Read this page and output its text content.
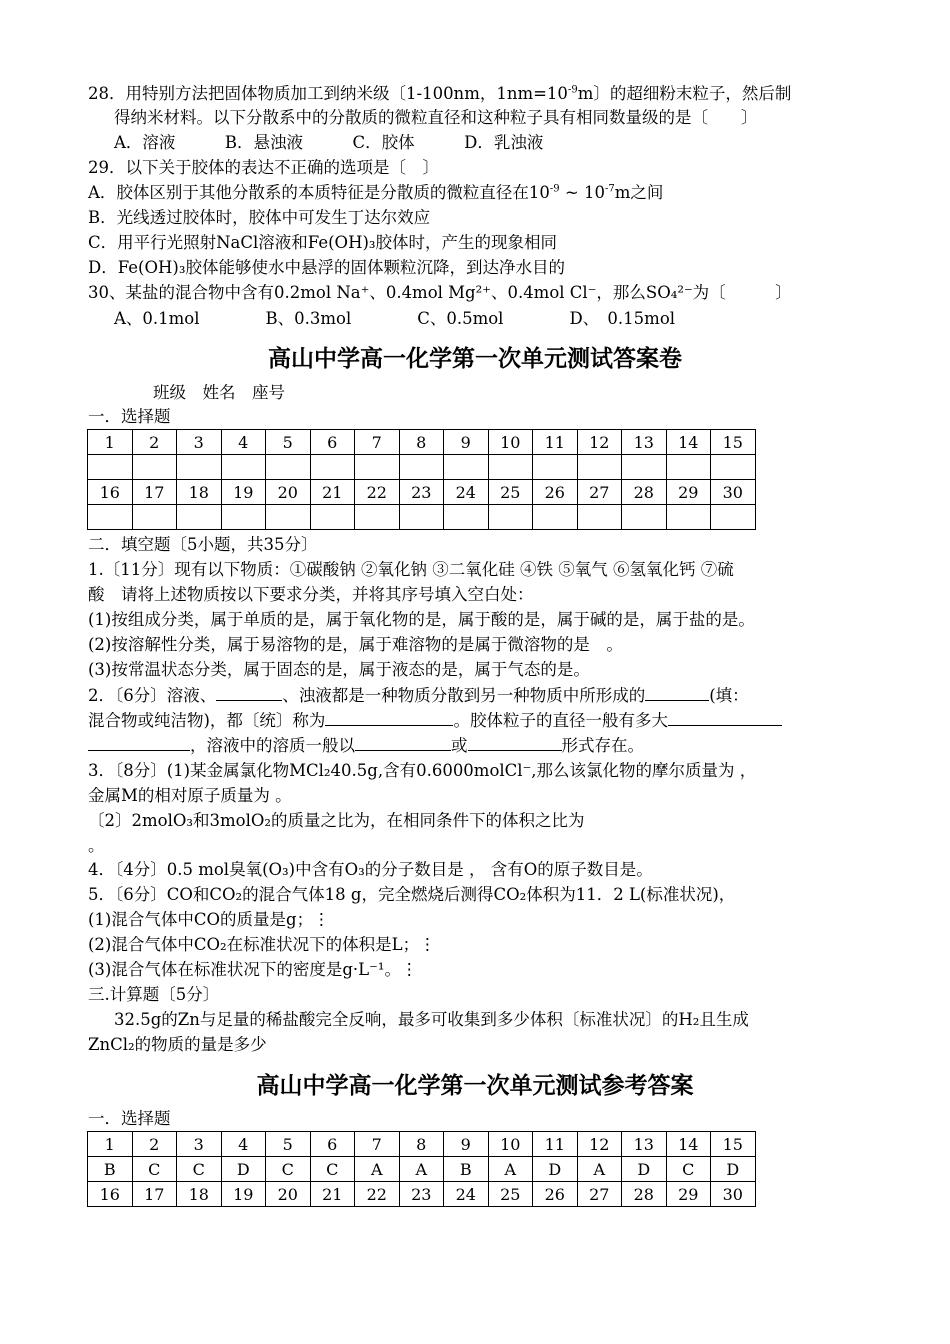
28．用特别方法把固体物质加工到纳米级〔1-100nm，$1nm=10^{-9}m$〕的超细粉末粒子，然后制
得纳米材料。以下分散系中的分散质的微粒直径和这种粒子具有相同数量级的是〔　　〕
A．溶液　　　B．悬浊液　　　C．胶体　　　D．乳浊液
29．以下关于胶体的表达不正确的选项是〔　〕
A．胶体区别于其他分散系的本质特征是分散质的微粒直径在$10^{-9}$ ~ $10^{-7}m$之间
B．光线透过胶体时，胶体中可发生丁达尔效应
C．用平行光照射NaCl溶液和Fe(OH)₃胶体时，产生的现象相同
D．Fe(OH)₃胶体能够使水中悬浮的固体颗粒沉降，到达净水目的
30、某盐的混合物中含有0.2mol Na⁺、0.4mol Mg²⁺、0.4mol Cl⁻，那么SO₄²⁻为〔　　　〕
A、0.1mol　　　　B、0.3mol　　　　C、0.5mol　　　　D、　0.15mol
高山中学高一化学第一次单元测试答案卷
班级　姓名　座号
一．选择题
1	2	3	4	5	6	7	8	9	10	11	12	13	14	15

16	17	18	19	20	21	22	23	24	25	26	27	28	29	30

二．填空题〔5小题，共35分〕
1.〔11分〕现有以下物质：①碳酸钠 ②氧化钠 ③二氧化硅 ④铁 ⑤氧气 ⑥氢氧化钙 ⑦硫
酸　请将上述物质按以下要求分类，并将其序号填入空白处：
(1)按组成分类，属于单质的是，属于氧化物的是，属于酸的是，属于碱的是，属于盐的是。
(2)按溶解性分类，属于易溶物的是，属于难溶物的是属于微溶物的是　。
(3)按常温状态分类，属于固态的是，属于液态的是，属于气态的是。
2．〔6分〕溶液、	、浊液都是一种物质分散到另一种物质中所形成的	(填：
混合物或纯洁物)，都〔统〕称为	。胶体粒子的直径一般有多大
，溶液中的溶质一般以	或	形式存在。
3．〔8分〕(1)某金属氯化物MCl₂40.5g,含有0.6000molCl⁻,那么该氯化物的摩尔质量为 ，
金属M的相对原子质量为 。
〔2〕2molO₃和3molO₂的质量之比为，在相同条件下的体积之比为
。
4．〔4分〕0.5 mol臭氧(O₃)中含有O₃的分子数目是 ， 含有O的原子数目是。
5．〔6分〕CO和CO₂的混合气体18 g，完全燃烧后测得CO₂体积为11．2 L(标准状况)，
(1)混合气体中CO的质量是g；⋮
(2)混合气体中CO₂在标准状况下的体积是L；⋮
(3)混合气体在标准状况下的密度是g·L⁻¹。⋮
三.计算题〔5分〕
32.5g的Zn与足量的稀盐酸完全反响，最多可收集到多少体积〔标准状况〕的H₂且生成
ZnCl₂的物质的量是多少
高山中学高一化学第一次单元测试参考答案
一．选择题
1	2	3	4	5	6	7	8	9	10	11	12	13	14	15
B	C	C	D	C	C	A	A	B	A	D	A	D	C	D
16	17	18	19	20	21	22	23	24	25	26	27	28	29	30
